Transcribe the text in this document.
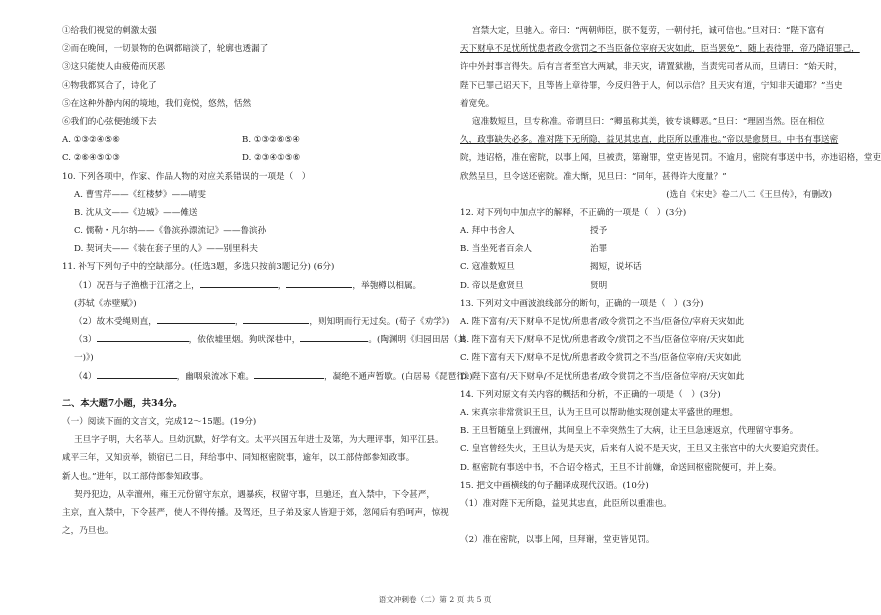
①给我们视觉的刺激太强
②而在晚间，一切景物的色调都暗淡了，轮廓也透漏了
③这只能使人由疲倦而厌恶
④物我都冥合了，诗化了
⑤在这种外静内闲的境地，我们竟悦，悠然，恬然
⑥我们的心弦便弛缓下去
A. ①③②④⑤⑥	B. ①③②⑥⑤④
C. ②⑥④⑤①③	D. ②③④①⑤⑥
10. 下列各项中，作家、作品人物的对应关系错误的一项是（　）
A. 曹雪芹——《红楼梦》——晴雯
B. 沈从文——《边城》——傩送
C. 儒勒・凡尔纳——《鲁滨孙漂流记》——鲁滨孙
D. 契诃夫——《装在套子里的人》——别里科夫
11. 补写下列句子中的空缺部分。(任选3题，多选只按前3题记分) (6分)
（1）况吾与子渔樵于江渚之上，	，	，举匏樽以相属。
(苏轼《赤壁赋》)
（2）故木受绳则直，	，	，则知明而行无过矣。(荀子《劝学》)
（3）	，依依墟里烟。狗吠深巷中，	。(陶渊明《归园田居（其
一)》)
（4）	，幽咽泉流冰下难。	，凝绝不通声暂歇。(白居易《琵琶行》)
二、本大题7小题，共34分。
（一）阅读下面的文言文，完成12～15题。(19分)
王旦字子明，大名莘人。旦幼沉默，好学有文。太平兴国五年进士及第，为大理评事，知平江县。
咸平三年，又知贡举，锁宿已二日，拜给事中、同知枢密院事，逾年，以工部侍郎参知政事。
新人也。”进年，以工部侍郎参知政事。
契丹犯边，从幸澶州，雍王元份留守东京，遇暴疾，权留守事，旦驰还，直入禁中，下令甚严，
主京，直入禁中，下令甚严，使人不得传播。及驾还，旦子弟及家人皆迎于郊，忽闻后有驺呵声，惊视
之，乃旦也。
宫禁大定，旦驰入。帝曰：“两朝师臣，朕不复劳，一朝付托，诚可信也。”旦对曰：“陛下富有
天下财阜不足忧所忧患者政令赏罚之不当臣备位宰府天灾如此，臣当罢免”，随上表待罪，帝乃降诏罪己，
许中外封事言得失。后有言者至宫大两斌，非天灾，请置狱勘，当责宪司者从而，旦请曰：“始天时，
陛下已罪己诏天下，且等皆上章待罪，今反归咎于人，何以示信？且天灾有道，宁知非天谴耶？”当史
着宽免。
寇准数短旦，旦专称准。帝谓旦曰：“卿虽称其美，彼专谈卿恶。”旦曰：“理固当然。臣在相位
久，政事缺失必多。准对陛下无所隐，益见其忠直，此臣所以重准也。”帝以是愈贤旦。中书有事送密
院，违诏格，准在密院，以事上闻，旦被责，第谢罪，堂吏皆见罚。不逾月，密院有事送中书，亦违诏格，堂吏
欣然呈旦，旦令送还密院。准大惭，见旦曰：“同年，甚得许大度量？”
(选自《宋史》卷二八二《王旦传》，有删改)
12. 对下列句中加点字的解释，不正确的一项是（　）(3分)
A. 拜中书舍人	授予
B. 当坐死者百余人	治罪
C. 寇准数短旦	揭短，说坏话
D. 帝以是愈贤旦	贤明
13. 下列对文中画波浪线部分的断句，正确的一项是（　）(3分)
A. 陛下富有/天下财阜不足忧/所患者/政令赏罚之不当/臣备位/宰府天灾如此
B. 陛下富有天下/财阜不足忧/所患者政令/赏罚之不当/臣备位宰府/天灾如此
C. 陛下富有天下/财阜不足忧/所患者政令赏罚之不当/臣备位宰府/天灾如此
D. 陛下富有/天下财阜/不足忧所患者/政令赏罚之不当/臣备位宰府/天灾如此
14. 下列对原文有关内容的概括和分析，不正确的一项是（　）(3分)
A. 宋真宗非常赏识王旦，认为王旦可以帮助他实现创建太平盛世的理想。
B. 王旦暂随皇上到澶州，其间皇上不幸突然生了大病，让王旦急速返京，代理留守事务。
C. 皇宫曾经失火，王旦认为是天灾，后来有人说不是天灾，王旦又主张宫中的大火要追究责任。
D. 枢密院有事送中书，不合诏令格式，王旦不计前嫌，命送回枢密院便可，并上奏。
15. 把文中画横线的句子翻译成现代汉语。(10分)
（1）准对陛下无所隐，益见其忠直，此臣所以重准也。
（2）准在密院，以事上闻，旦拜谢，堂吏皆见罚。
语文冲刺卷（二）第 2 页 共 5 页
